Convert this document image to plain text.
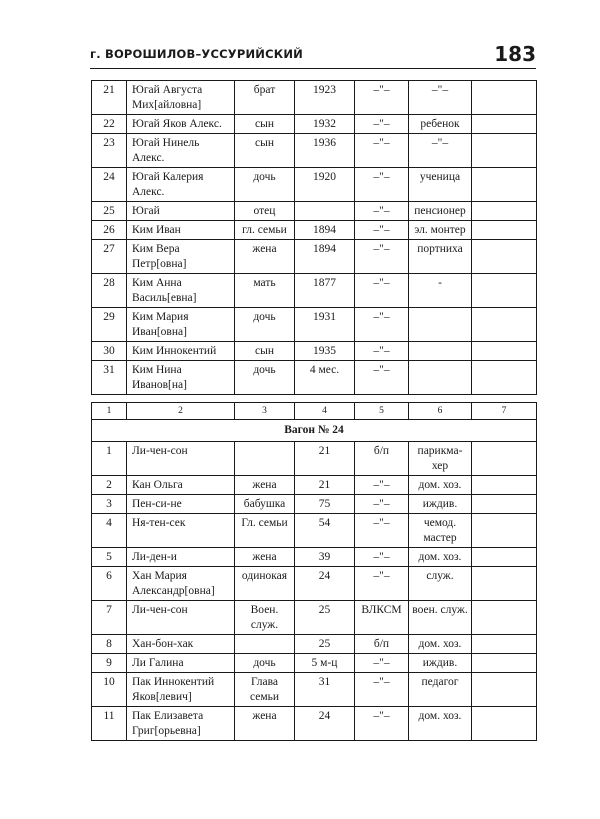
г. ВОРОШИЛОВ–УССУРИЙСКИЙ	183
21	Югай Августа Мих[айловна]	брат	1923	–"–	–"–	
22	Югай Яков Алекс.	сын	1932	–"–	ребенок	
23	Югай Нинель Алекс.	сын	1936	–"–	–"–	
24	Югай Калерия Алекс.	дочь	1920	–"–	ученица	
25	Югай	отец		–"–	пенсионер	
26	Ким Иван	гл. семьи	1894	–"–	эл. монтер	
27	Ким Вера Петр[овна]	жена	1894	–"–	портниха	
28	Ким Анна Василь[евна]	мать	1877	–"–	-	
29	Ким Мария Иван[овна]	дочь	1931	–"–		
30	Ким Иннокентий	сын	1935	–"–		
31	Ким Нина Иванов[на]	дочь	4 мес.	–"–		
1	2	3	4	5	6	7
Вагон № 24						
1	Ли-чен-сон		21	б/п	парикма-хер	
2	Кан Ольга	жена	21	–"–	дом. хоз.	
3	Пен-си-не	бабушка	75	–"–	иждив.	
4	Ня-тен-сек	Гл. семьи	54	–"–	чемод. мастер	
5	Ли-ден-и	жена	39	–"–	дом. хоз.	
6	Хан Мария Александр[овна]	одинокая	24	–"–	служ.	
7	Ли-чен-сон	Воен. служ.	25	ВЛКСМ	воен. служ.	
8	Хан-бон-хак		25	б/п	дом. хоз.	
9	Ли Галина	дочь	5 м-ц	–"–	иждив.	
10	Пак Иннокентий Яков[левич]	Глава семьи	31	–"–	педагог	
11	Пак Елизавета Григ[орьевна]	жена	24	–"–	дом. хоз.	
